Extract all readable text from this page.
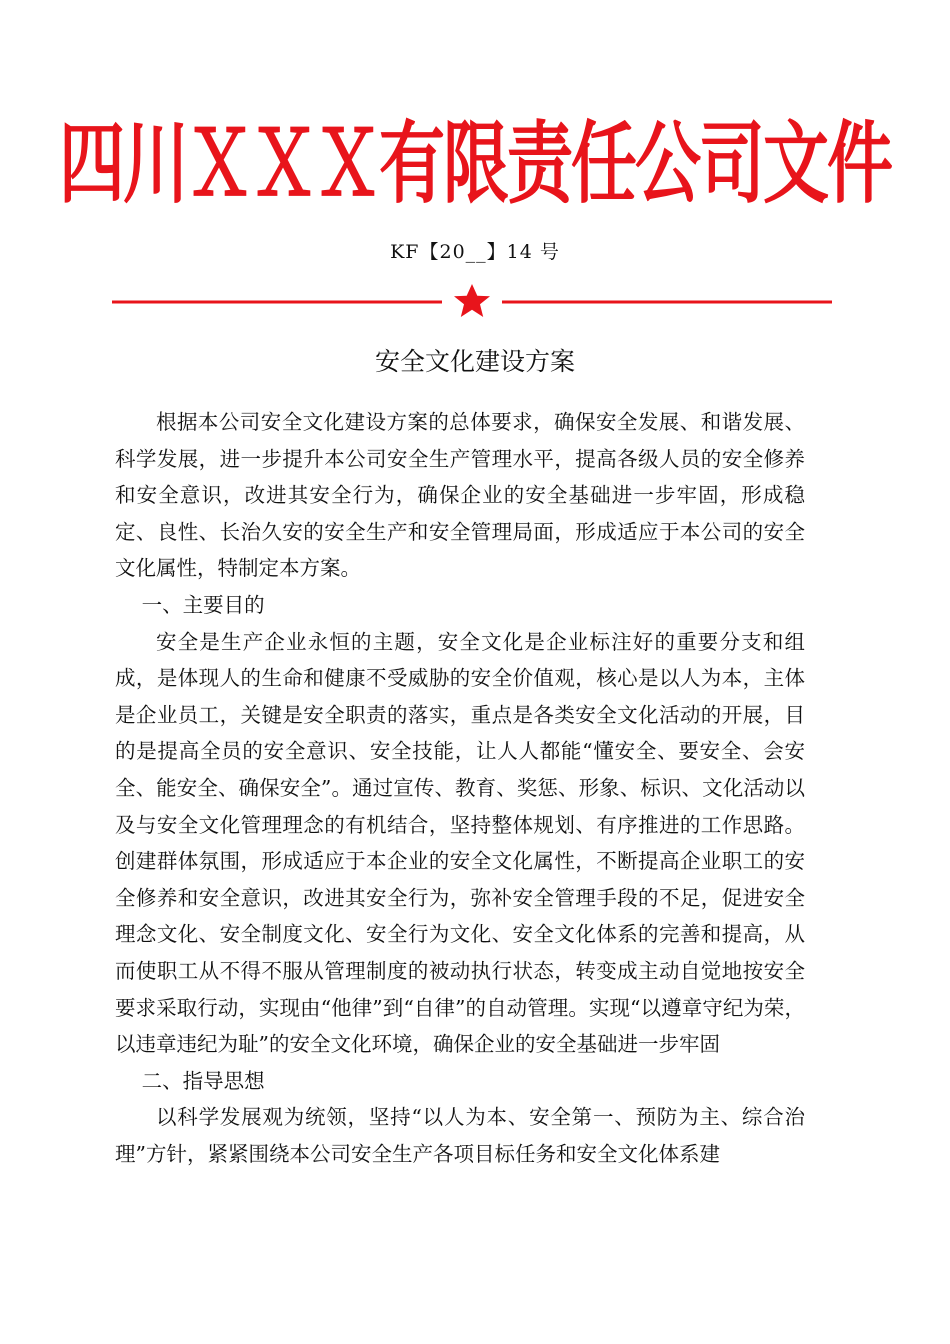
四川ＸＸＸ有限责任公司文件
KF【20__】14 号
安全文化建设方案

根据本公司安全文化建设方案的总体要求，确保安全发展、和谐发展、科学发展，进一步提升本公司安全生产管理水平，提高各级人员的安全修养和安全意识，改进其安全行为，确保企业的安全基础进一步牢固，形成稳定、良性、长治久安的安全生产和安全管理局面，形成适应于本公司的安全文化属性，特制定本方案。

一、主要目的

安全是生产企业永恒的主题，安全文化是企业标注好的重要分支和组成，是体现人的生命和健康不受威胁的安全价值观，核心是以人为本，主体是企业员工，关键是安全职责的落实，重点是各类安全文化活动的开展，目的是提高全员的安全意识、安全技能，让人人都能“懂安全、要安全、会安全、能安全、确保安全”。通过宣传、教育、奖惩、形象、标识、文化活动以及与安全文化管理理念的有机结合，坚持整体规划、有序推进的工作思路。创建群体氛围，形成适应于本企业的安全文化属性，不断提高企业职工的安全修养和安全意识，改进其安全行为，弥补安全管理手段的不足，促进安全理念文化、安全制度文化、安全行为文化、安全文化体系的完善和提高，从而使职工从不得不服从管理制度的被动执行状态，转变成主动自觉地按安全要求采取行动，实现由“他律”到“自律”的自动管理。实现“以遵章守纪为荣，以违章违纪为耻”的安全文化环境，确保企业的安全基础进一步牢固

二、指导思想

以科学发展观为统领，坚持“以人为本、安全第一、预防为主、综合治理”方针，紧紧围绕本公司安全生产各项目标任务和安全文化体系建
